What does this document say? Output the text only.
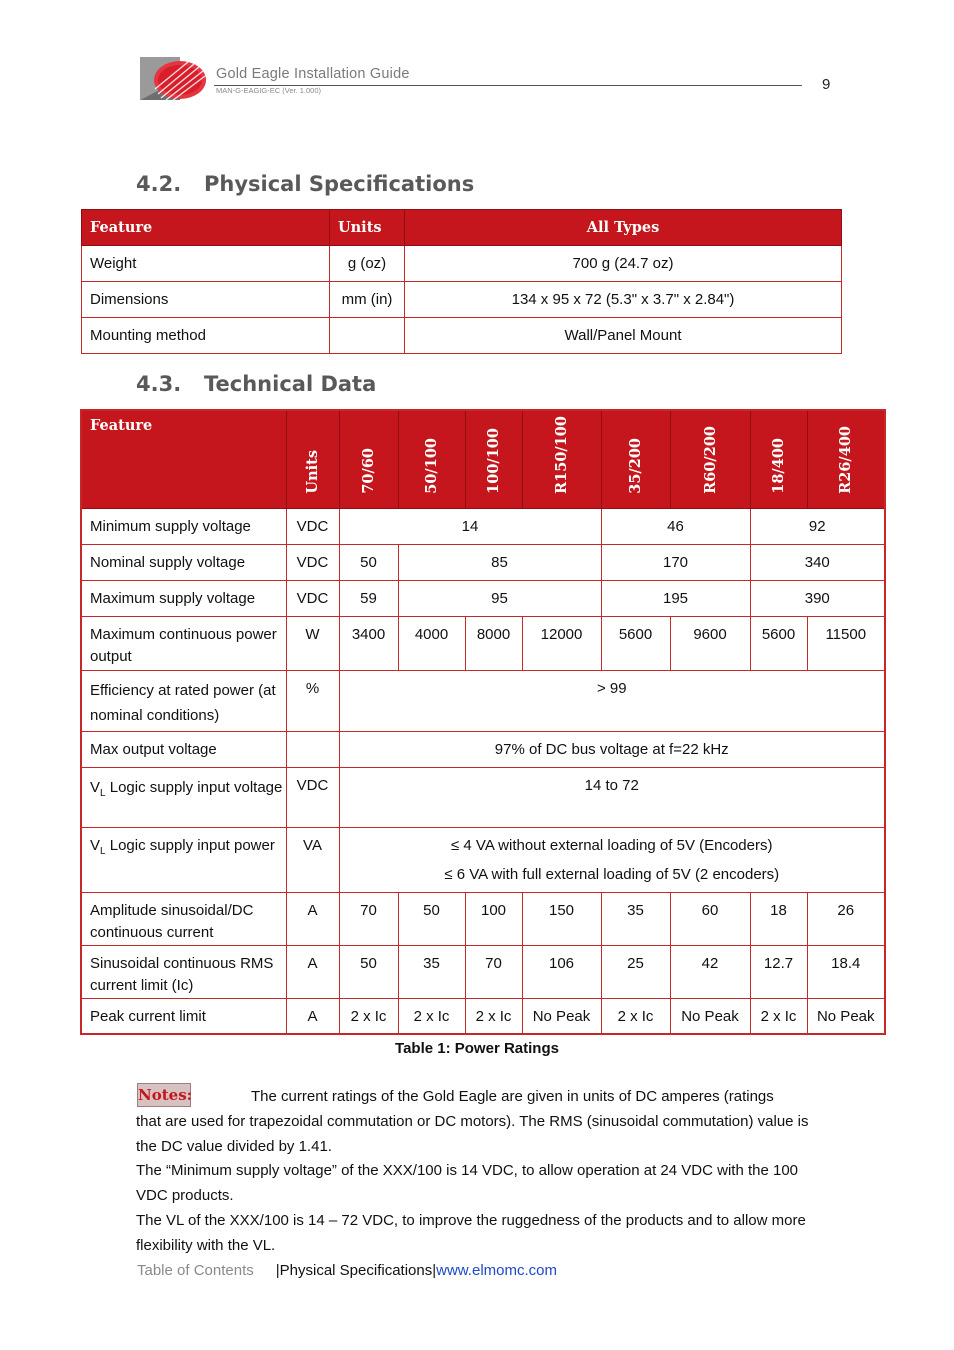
Gold Eagle Installation Guide
MAN-G-EAGIG-EC (Ver. 1.000)	9
4.2. Physical Specifications
Feature	Units	All Types
Weight	g (oz)	700 g (24.7 oz)
Dimensions	mm (in)	134 x 95 x 72 (5.3" x 3.7" x 2.84")
Mounting method		Wall/Panel Mount
4.3. Technical Data
Feature	Units	70/60	50/100	100/100	R150/100	35/200	R60/200	18/400	R26/400
Minimum supply voltage	VDC	14				46		92	
Nominal supply voltage	VDC	50	85			170		340	
Maximum supply voltage	VDC	59	95			195		390	
Maximum continuous power output	W	3400	4000	8000	12000	5600	9600	5600	11500
Efficiency at rated power (at nominal conditions)	%	> 99							
Max output voltage		97% of DC bus voltage at f=22 kHz							
$V_L$ Logic supply input voltage	VDC	14 to 72							
$V_L$ Logic supply input power	VA	≤ 4 VA without external loading of 5V (Encoders)
≤ 6 VA with full external loading of 5V (2 encoders)							

Amplitude sinusoidal/DC continuous current	A	70	50	100	150	35	60	18	26
Sinusoidal continuous RMS current limit (Ic)	A	50	35	70	106	25	42	12.7	18.4
Peak current limit	A	2 x Ic	2 x Ic	2 x Ic	No Peak	2 x Ic	No Peak	2 x Ic	No Peak
Table 1: Power Ratings
Notes:	The current ratings of the Gold Eagle are given in units of DC amperes (ratings
that are used for trapezoidal commutation or DC motors). The RMS (sinusoidal commutation) value is the DC value divided by 1.41.
The “Minimum supply voltage” of the XXX/100 is 14 VDC, to allow operation at 24 VDC with the 100 VDC products.
The VL of the XXX/100 is 14 – 72 VDC, to improve the ruggedness of the products and to allow more flexibility with the VL.
Table of Contents |Physical Specifications|www.elmomc.com
